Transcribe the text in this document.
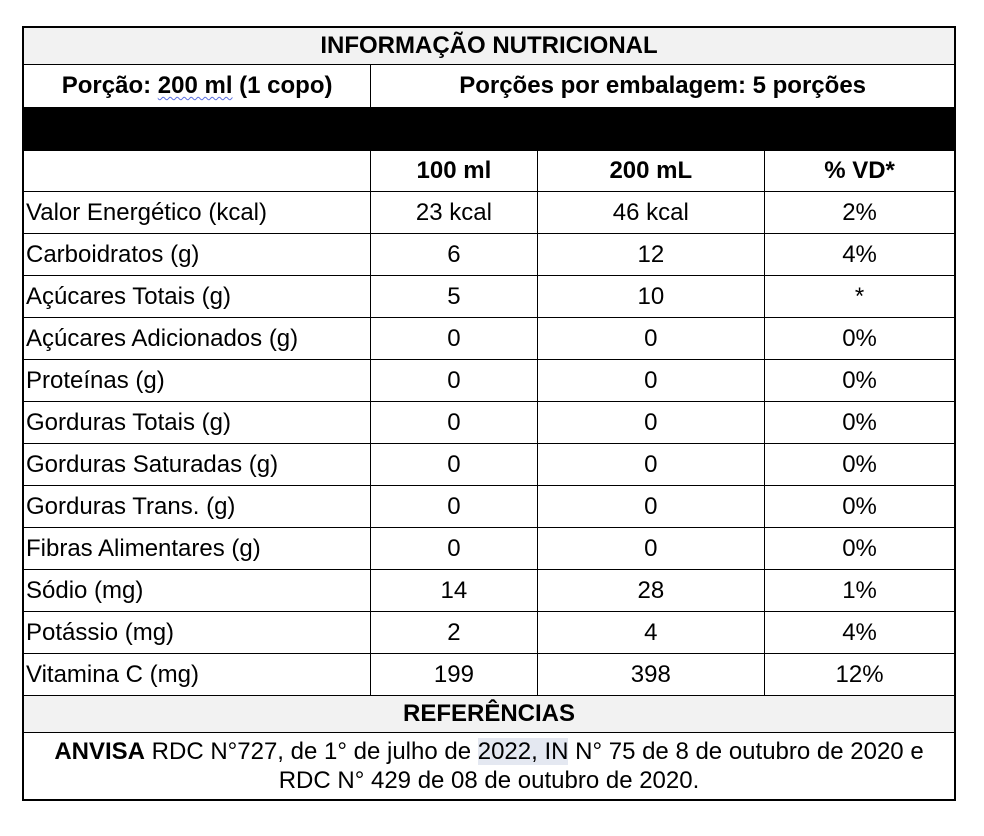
INFORMAÇÃO NUTRICIONAL			
Porção: 200 ml (1 copo)	Porções por embalagem: 5 porções		

	100 ml	200 mL	% VD*
Valor Energético (kcal)	23 kcal	46 kcal	2%
Carboidratos (g)	6	12	4%
Açúcares Totais (g)	5	10	*
Açúcares Adicionados (g)	0	0	0%
Proteínas (g)	0	0	0%
Gorduras Totais (g)	0	0	0%
Gorduras Saturadas (g)	0	0	0%
Gorduras Trans. (g)	0	0	0%
Fibras Alimentares (g)	0	0	0%
Sódio (mg)	14	28	1%
Potássio (mg)	2	4	4%
Vitamina C (mg)	199	398	12%
REFERÊNCIAS			
ANVISA RDC N°727, de 1° de julho de 2022, IN N° 75 de 8 de outubro de 2020 e RDC N° 429 de 08 de outubro de 2020.			
